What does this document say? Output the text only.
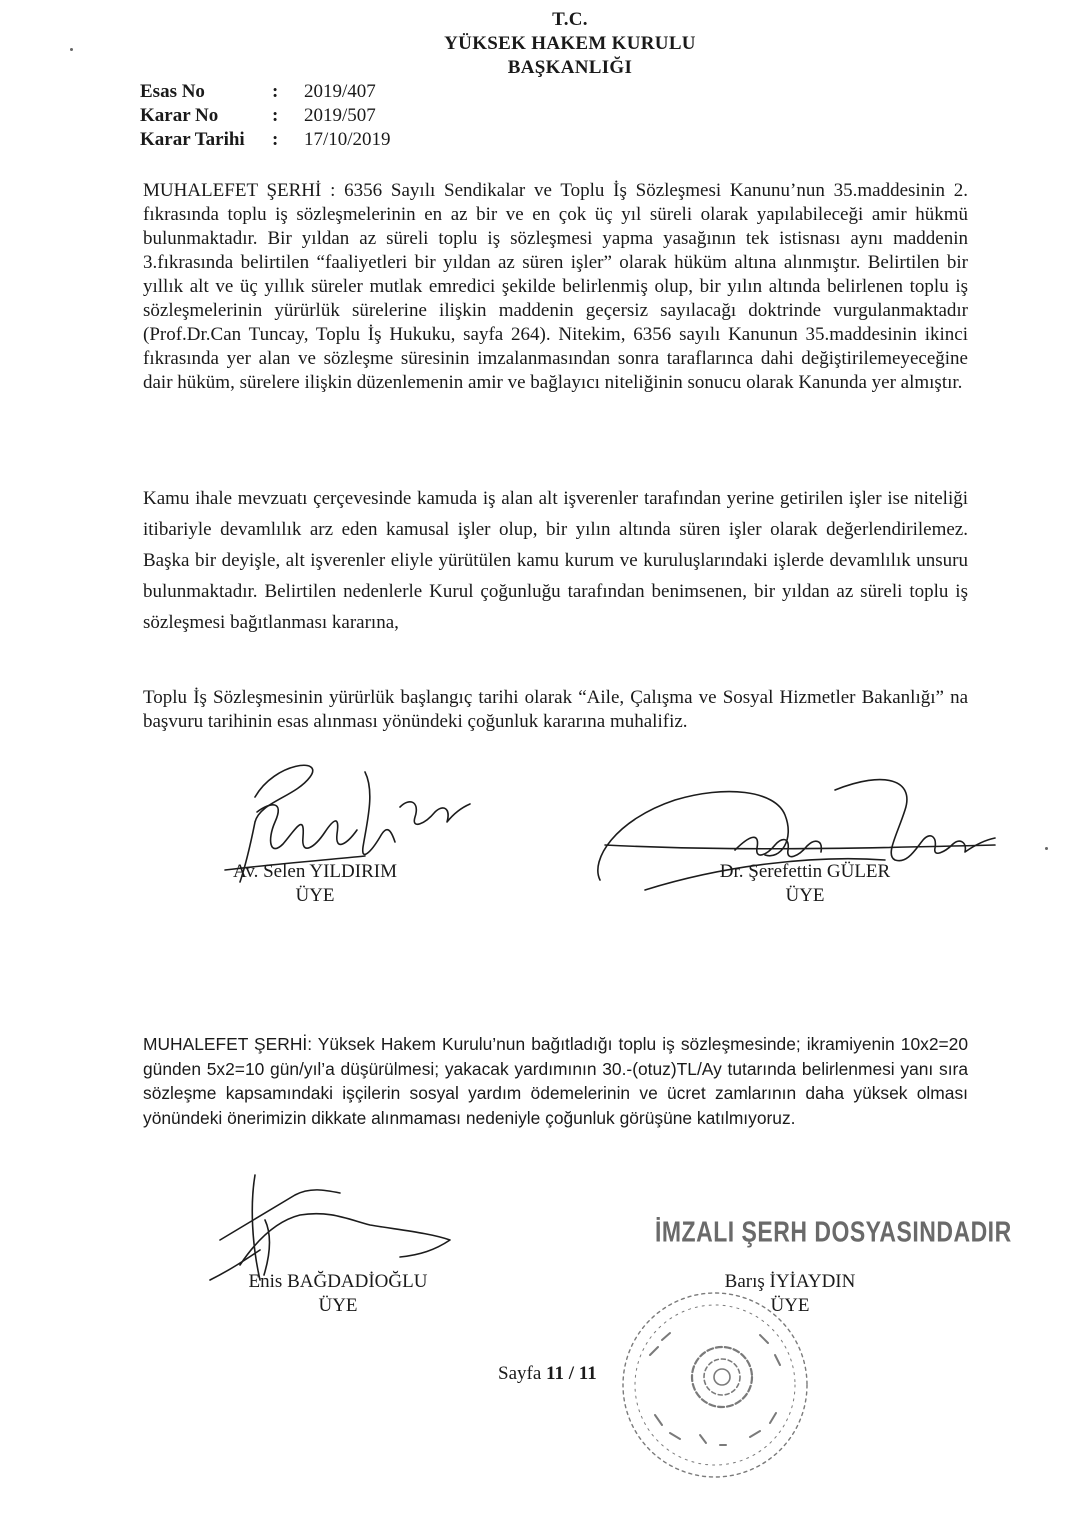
T.C.
YÜKSEK HAKEM KURULU
BAŞKANLIĞI
Esas No	:	2019/407
Karar No	:	2019/507
Karar Tarihi	:	17/10/2019

MUHALEFET ŞERHİ : 6356 Sayılı Sendikalar ve Toplu İş Sözleşmesi Kanunu’nun 35.maddesinin 2. fıkrasında toplu iş sözleşmelerinin en az bir ve en çok üç yıl süreli olarak yapılabileceği amir hükmü bulunmaktadır. Bir yıldan az süreli toplu iş sözleşmesi yapma yasağının tek istisnası aynı maddenin 3.fıkrasında belirtilen “faaliyetleri bir yıldan az süren işler” olarak hüküm altına alınmıştır. Belirtilen bir yıllık alt ve üç yıllık süreler mutlak emredici şekilde belirlenmiş olup, bir yılın altında belirlenen toplu iş sözleşmelerinin yürürlük sürelerine ilişkin maddenin geçersiz sayılacağı doktrinde vurgulanmaktadır (Prof.Dr.Can Tuncay, Toplu İş Hukuku, sayfa 264). Nitekim, 6356 sayılı Kanunun 35.maddesinin ikinci fıkrasında yer alan ve sözleşme süresinin imzalanmasından sonra taraflarınca dahi değiştirilemeyeceğine dair hüküm, sürelere ilişkin düzenlemenin amir ve bağlayıcı niteliğinin sonucu olarak Kanunda yer almıştır.

Kamu ihale mevzuatı çerçevesinde kamuda iş alan alt işverenler tarafından yerine getirilen işler ise niteliği itibariyle devamlılık arz eden kamusal işler olup, bir yılın altında süren işler olarak değerlendirilemez. Başka bir deyişle, alt işverenler eliyle yürütülen kamu kurum ve kuruluşlarındaki işlerde devamlılık unsuru bulunmaktadır. Belirtilen nedenlerle Kurul çoğunluğu tarafından benimsenen, bir yıldan az süreli toplu iş sözleşmesi bağıtlanması kararına,

Toplu İş Sözleşmesinin yürürlük başlangıç tarihi olarak “Aile, Çalışma ve Sosyal Hizmetler Bakanlığı” na başvuru tarihinin esas alınması yönündeki çoğunluk kararına muhalifiz.

Av. Selen YILDIRIM
ÜYE
Dr. Şerefettin GÜLER
ÜYE

MUHALEFET ŞERHİ: Yüksek Hakem Kurulu’nun bağıtladığı toplu iş sözleşmesinde; ikramiyenin 10x2=20 günden 5x2=10 gün/yıl’a düşürülmesi; yakacak yardımının 30.-(otuz)TL/Ay tutarında belirlenmesi yanı sıra sözleşme kapsamındaki işçilerin sosyal yardım ödemelerinin ve ücret zamlarının daha yüksek olması yönündeki önerimizin dikkate alınmaması nedeniyle çoğunluk görüşüne katılmıyoruz.

Enis BAĞDADİOĞLU
ÜYE
İMZALI ŞERH DOSYASINDADIR
Barış İYİAYDIN
ÜYE
Sayfa 11 / 11
